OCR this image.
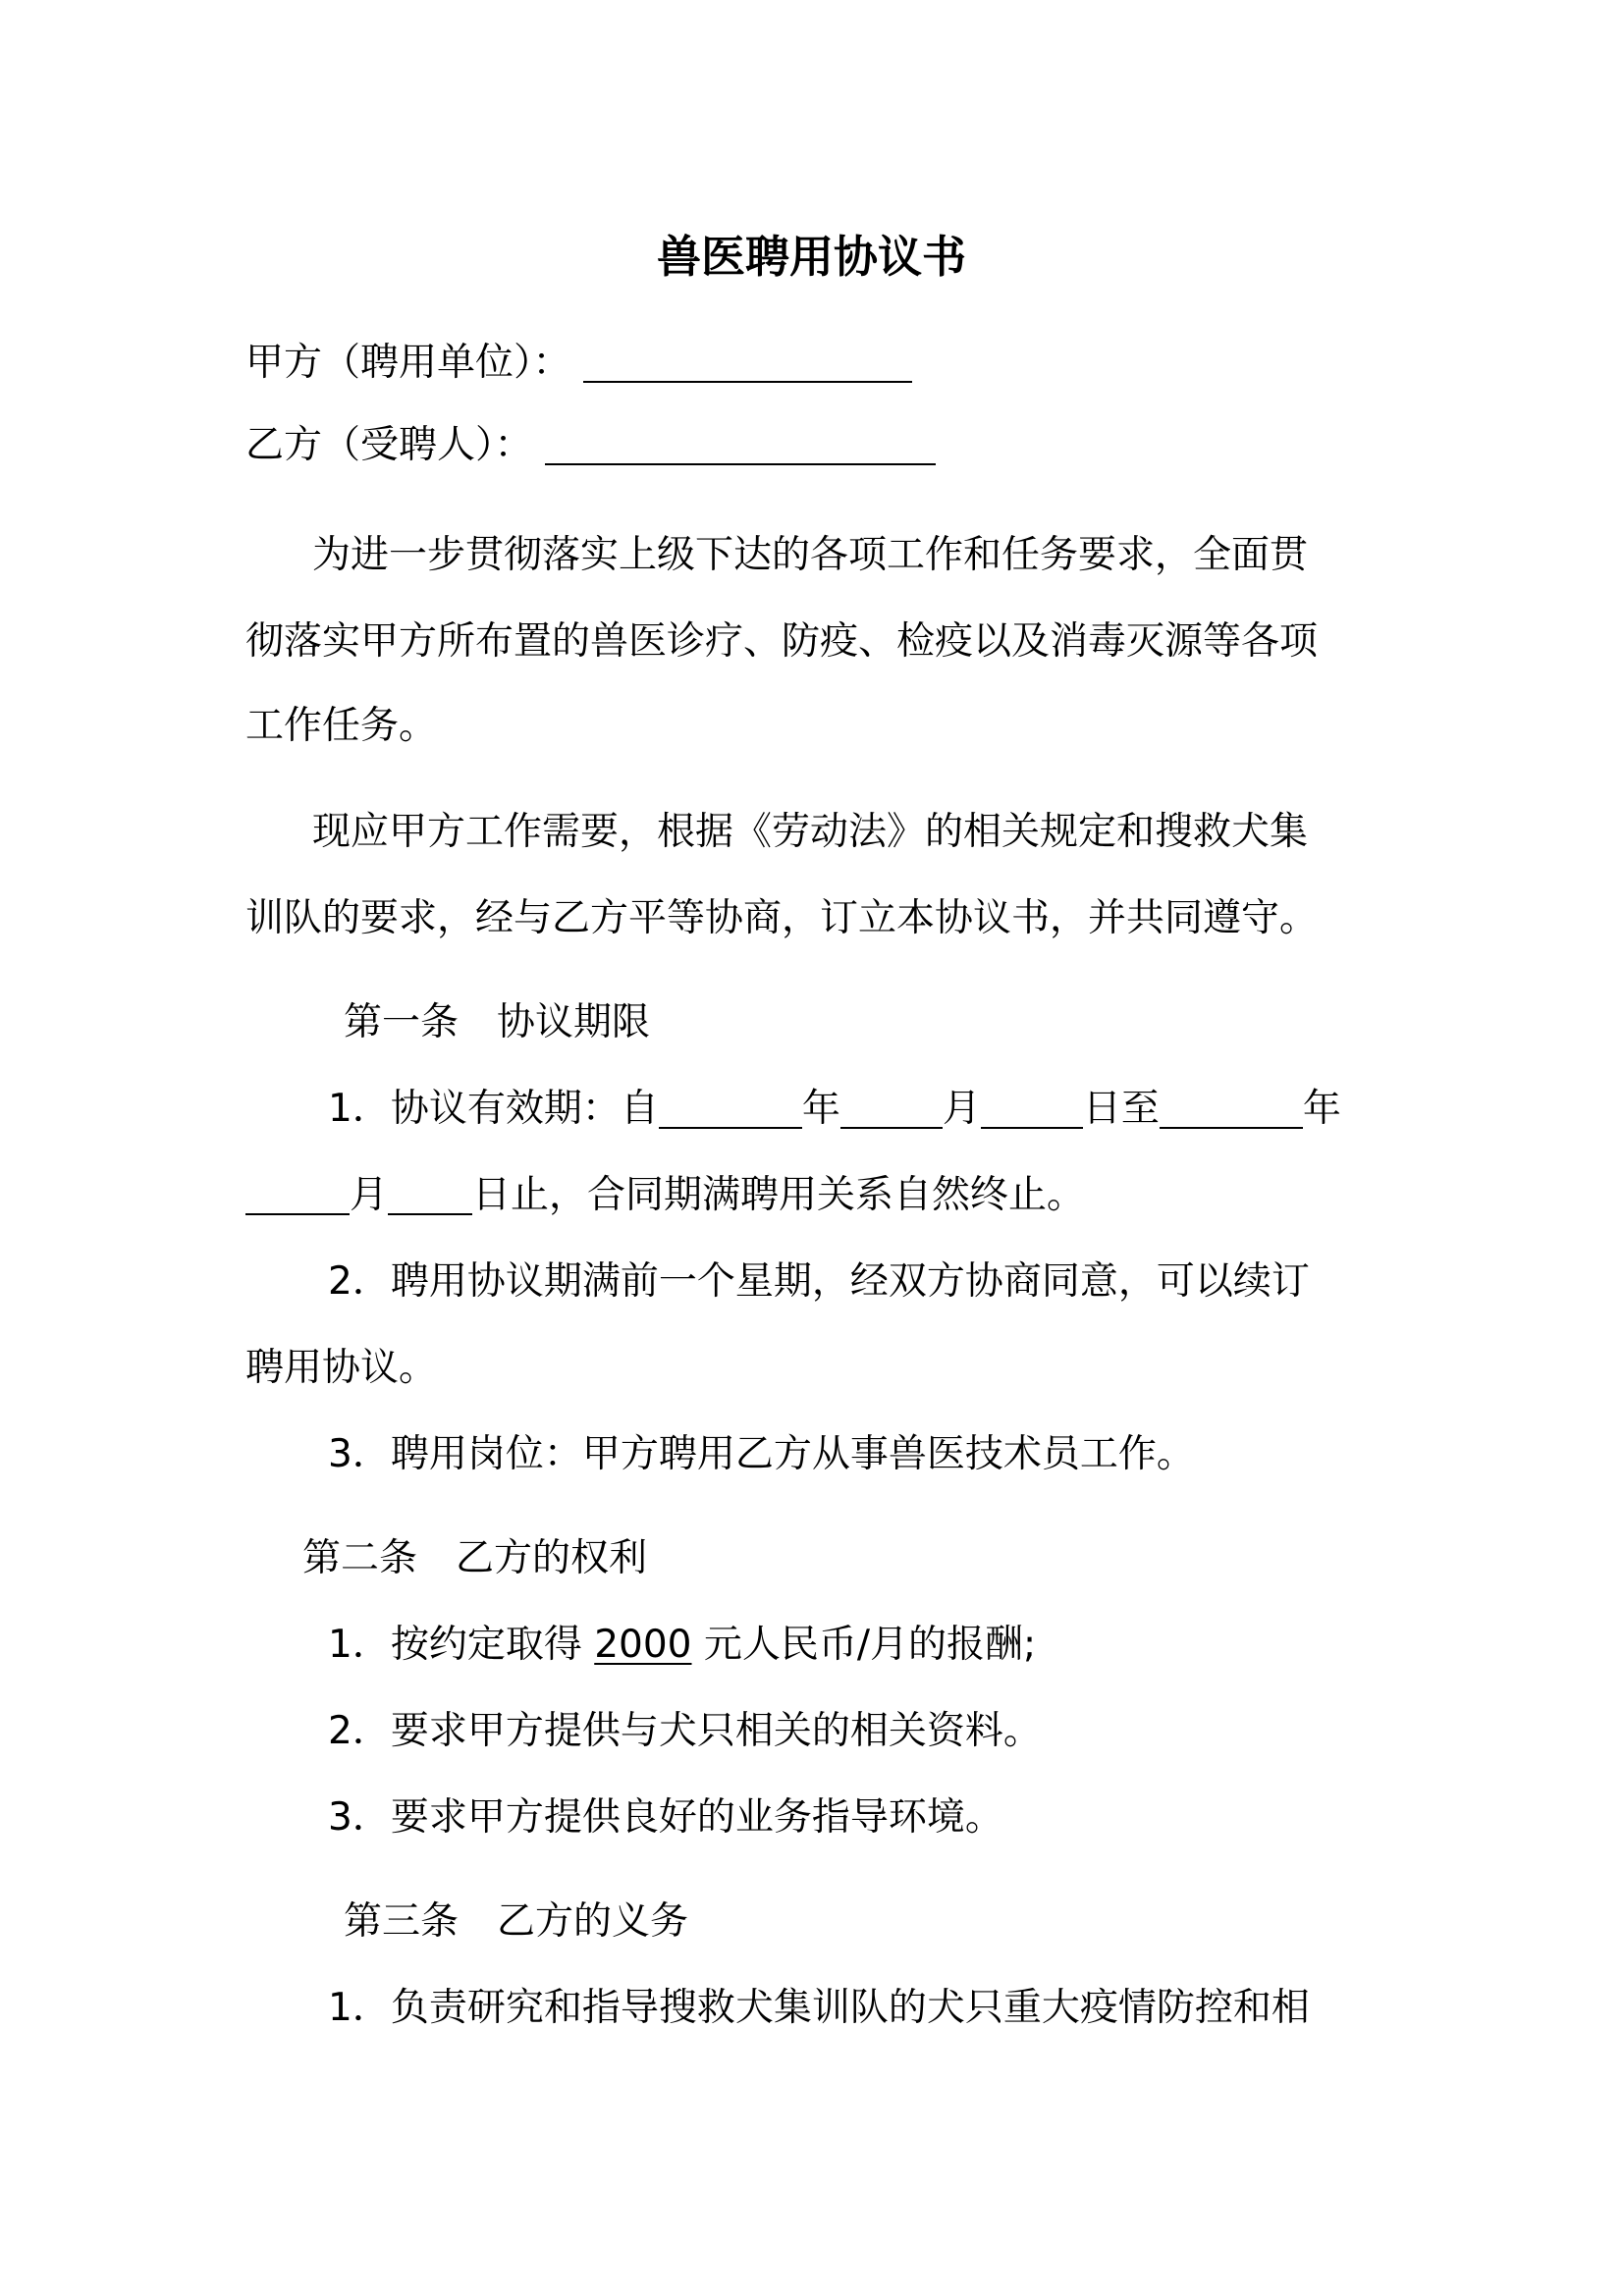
兽医聘用协议书
甲方（聘用单位）：
乙方（受聘人）：
为进一步贯彻落实上级下达的各项工作和任务要求，全面贯
彻落实甲方所布置的兽医诊疗、防疫、检疫以及消毒灭源等各项
工作任务。
现应甲方工作需要，根据《劳动法》的相关规定和搜救犬集
训队的要求，经与乙方平等协商，订立本协议书，并共同遵守。
第一条　协议期限
1．协议有效期：自	年	月	日至	年
月 日止，合同期满聘用关系自然终止。
2．聘用协议期满前一个星期，经双方协商同意，可以续订
聘用协议。
3．聘用岗位：甲方聘用乙方从事兽医技术员工作。
第二条　乙方的权利
1．按约定取得 2000 元人民币/月的报酬;
2．要求甲方提供与犬只相关的相关资料。
3．要求甲方提供良好的业务指导环境。
第三条　乙方的义务
1．负责研究和指导搜救犬集训队的犬只重大疫情防控和相
